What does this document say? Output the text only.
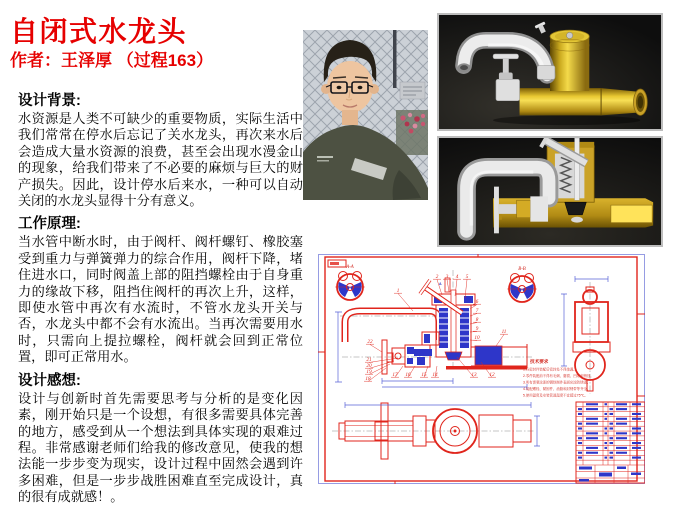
自闭式水龙头
作者：王泽厚 （过程163）
设计背景:

水资源是人类不可缺少的重要物质，实际生活中我们常常在停水后忘记了关水龙头，再次来水后会造成大量水资源的浪费，甚至会出现水漫金山的现象，给我们带来了不必要的麻烦与巨大的财产损失。因此，设计停水后来水，一种可以自动关闭的水龙头显得十分有意义。

工作原理:

当水管中断水时，由于阀杆、阀杆螺钉、橡胶塞受到重力与弹簧弹力的综合作用，阀杆下降，堵住进水口，同时阀盖上部的阻挡螺栓由于自身重力的缘故下移，阻挡住阀杆的再次上升，这样，即使水管中再次有水流时，不管水龙头开关与否，水龙头中都不会有水流出。当再次需要用水时，只需向上提拉螺栓，阀杆就会回到正常位置，即可正常用水。

设计感想:

设计与创新时首先需要思考与分析的是变化因素，刚开始只是一个设想，有很多需要具体完善的地方，感受到从一个想法到具体实现的艰难过程。非常感谢老师们给我的修改意见，使我的想法能一步步变为现实，设计过程中固然会遇到许多困难，但是一步步战胜困难直至完成设计，真的很有成就感！。

A-A	B-B
A
技术要求
1.各密封件装配后密封处不得渗漏。
2.零件装配前不得有毛刺、磨损、凹陷和锈蚀。
3.所有需要涂漆的钢铁制件表面应涂防锈漆。
4.装配螺栓、紧固件、油脂和封锈带等齐全。
5.使用温度及安装管道温度不宜超过75℃。
1
2 3 4 5
6
7
8
9
10
11
12
13
14
15
16
17
18
19
20
21
22
